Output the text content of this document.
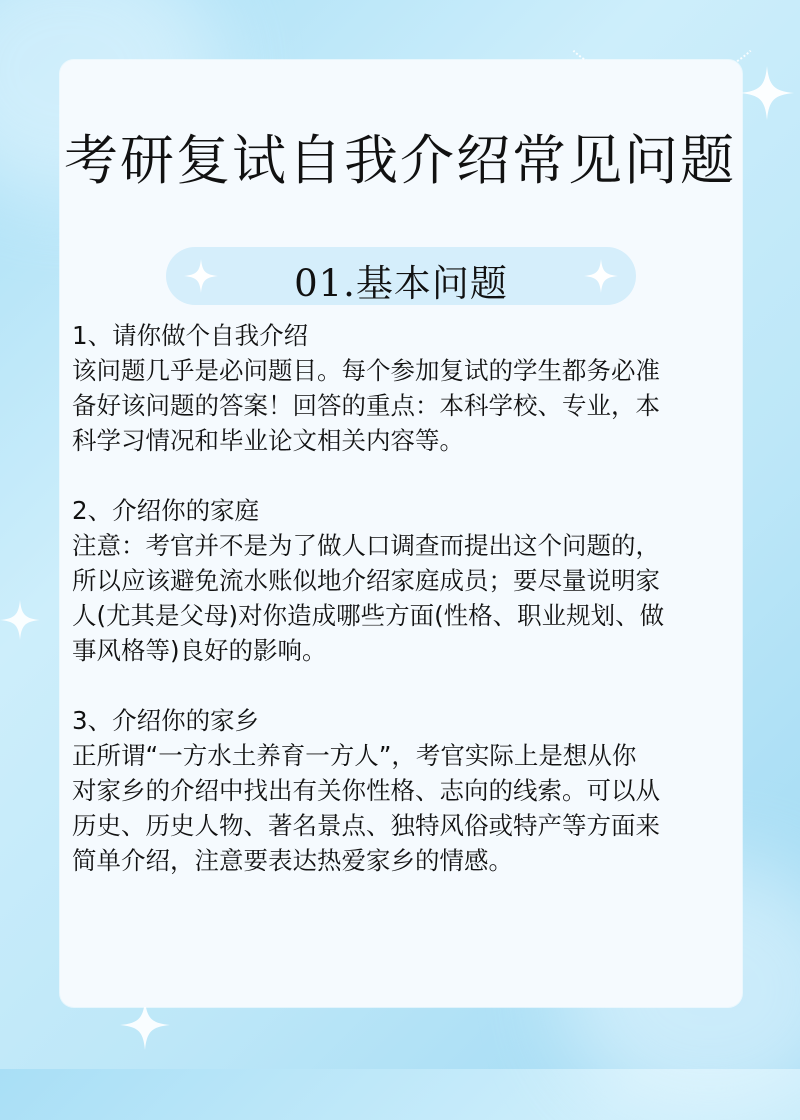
考研复试自我介绍常见问题
01.基本问题
1、请你做个自我介绍
该问题几乎是必问题目。每个参加复试的学生都务必准
备好该问题的答案！回答的重点：本科学校、专业，本
科学习情况和毕业论文相关内容等。
2、介绍你的家庭
注意：考官并不是为了做人口调查而提出这个问题的，
所以应该避免流水账似地介绍家庭成员；要尽量说明家
人(尤其是父母)对你造成哪些方面(性格、职业规划、做
事风格等)良好的影响。
3、介绍你的家乡
正所谓“一方水土养育一方人”，考官实际上是想从你
对家乡的介绍中找出有关你性格、志向的线索。可以从
历史、历史人物、著名景点、独特风俗或特产等方面来
简单介绍，注意要表达热爱家乡的情感。
